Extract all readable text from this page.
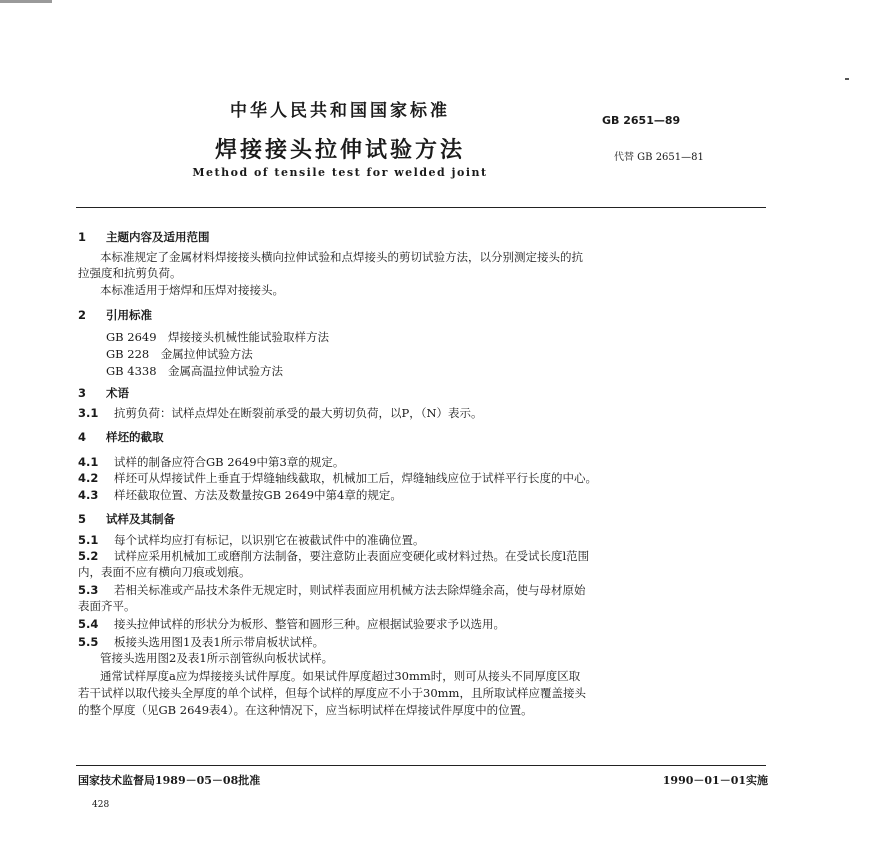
中华人民共和国国家标准	GB 2651—89
焊接接头拉伸试验方法	代替 GB 2651—81
Method of tensile test for welded joint
1 主题内容及适用范围
本标准规定了金属材料焊接接头横向拉伸试验和点焊接头的剪切试验方法，以分别测定接头的抗
拉强度和抗剪负荷。
本标准适用于熔焊和压焊对接接头。
2 引用标准
GB 2649　焊接接头机械性能试验取样方法
GB 228　金属拉伸试验方法
GB 4338　金属高温拉伸试验方法
3 术语
3.1 抗剪负荷：试样点焊处在断裂前承受的最大剪切负荷，以P，（N）表示。
4 样坯的截取
4.1 试样的制备应符合GB 2649中第3章的规定。
4.2 样坯可从焊接试件上垂直于焊缝轴线截取，机械加工后，焊缝轴线应位于试样平行长度的中心。
4.3 样坯截取位置、方法及数量按GB 2649中第4章的规定。
5 试样及其制备
5.1 每个试样均应打有标记，以识别它在被截试件中的准确位置。
5.2 试样应采用机械加工或磨削方法制备，要注意防止表面应变硬化或材料过热。在受试长度l范围
内，表面不应有横向刀痕或划痕。
5.3 若相关标准或产品技术条件无规定时，则试样表面应用机械方法去除焊缝余高，使与母材原始
表面齐平。
5.4 接头拉伸试样的形状分为板形、整管和圆形三种。应根据试验要求予以选用。
5.5 板接头选用图1及表1所示带肩板状试样。
管接头选用图2及表1所示剖管纵向板状试样。
通常试样厚度a应为焊接接头试件厚度。如果试件厚度超过30mm时，则可从接头不同厚度区取
若干试样以取代接头全厚度的单个试样，但每个试样的厚度应不小于30mm，且所取试样应覆盖接头
的整个厚度（见GB 2649表4）。在这种情况下，应当标明试样在焊接试件厚度中的位置。
国家技术监督局1989－05－08批准	1990－01－01实施
428
